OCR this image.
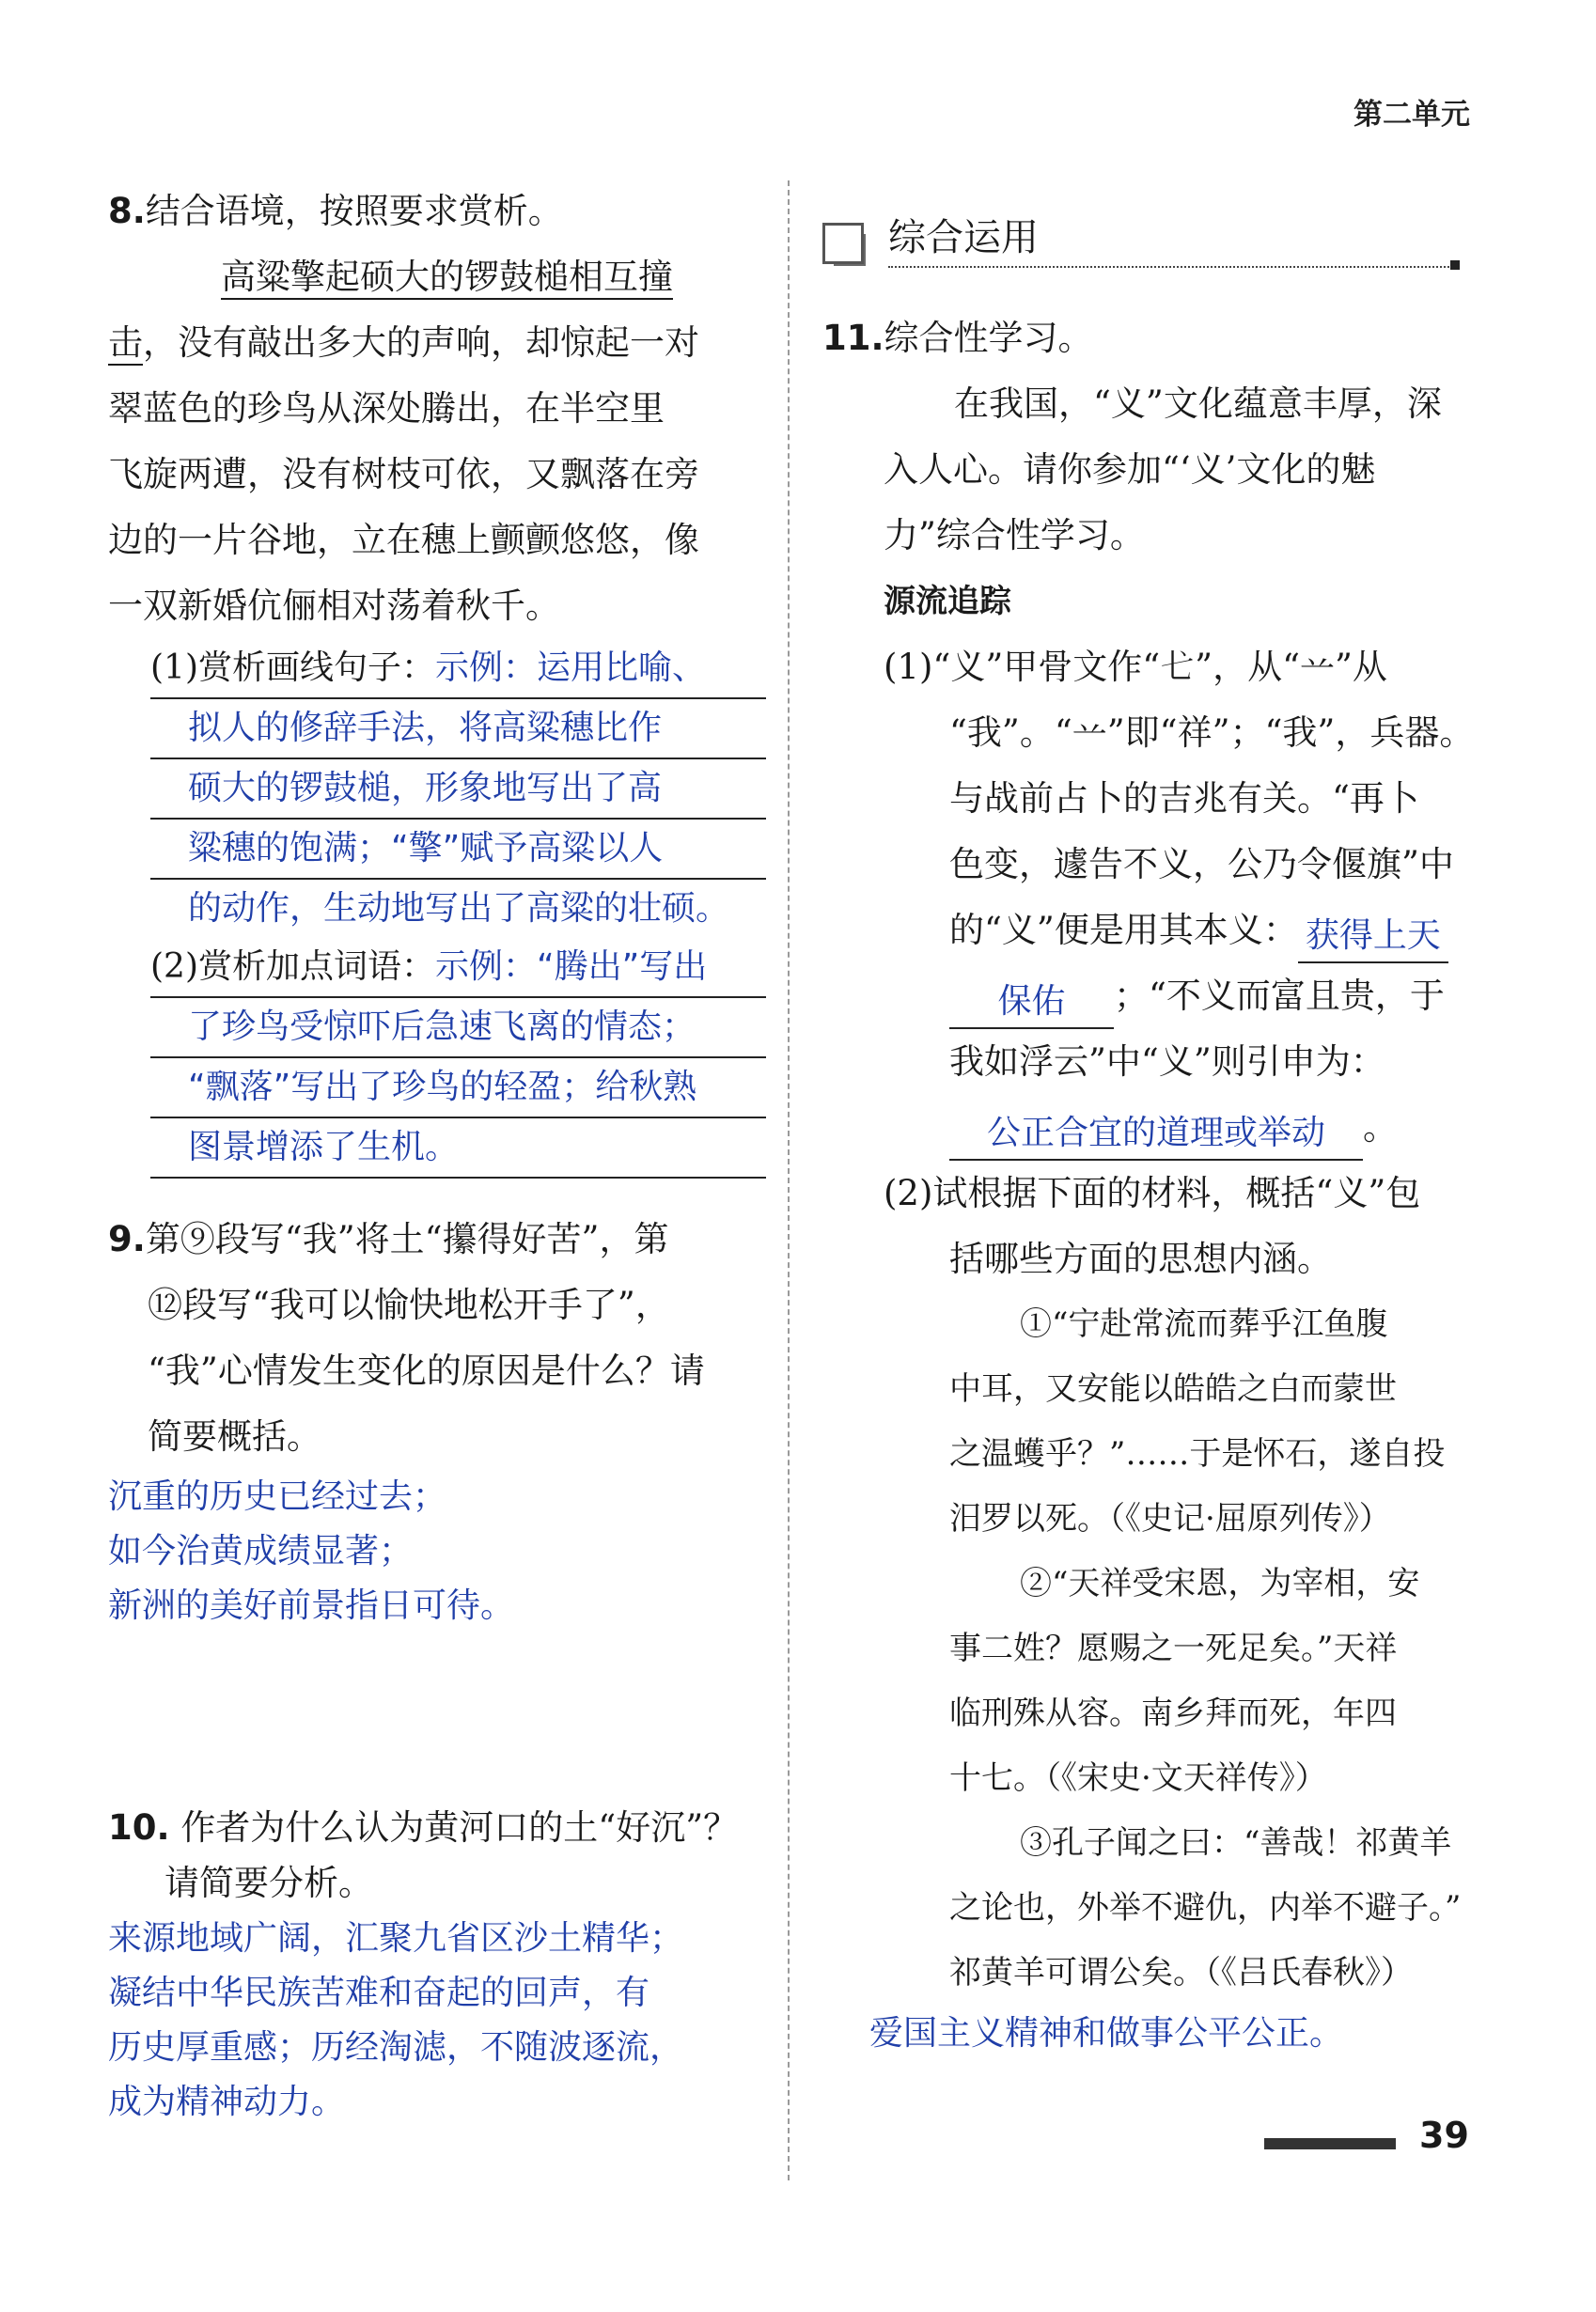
第二单元
8.结合语境，按照要求赏析。
高粱擎起硕大的锣鼓槌相互撞
击，没有敲出多大的声响，却惊起一对
翠蓝色的珍鸟从深处腾出，在半空里
飞旋两遭，没有树枝可依，又飘落在旁
边的一片谷地，立在穗上颤颤悠悠，像
一双新婚伉俪相对荡着秋千。
(1)赏析画线句子：示例：运用比喻、
拟人的修辞手法，将高粱穗比作
硕大的锣鼓槌，形象地写出了高
粱穗的饱满；“擎”赋予高粱以人
的动作，生动地写出了高粱的壮硕。
(2)赏析加点词语：示例：“腾出”写出
了珍鸟受惊吓后急速飞离的情态；
“飘落”写出了珍鸟的轻盈；给秋熟
图景增添了生机。
9.第⑨段写“我”将土“攥得好苦”，第
⑫段写“我可以愉快地松开手了”，
“我”心情发生变化的原因是什么？请
简要概括。
沉重的历史已经过去；
如今治黄成绩显著；
新洲的美好前景指日可待。
10. 作者为什么认为黄河口的土“好沉”？
请简要分析。
来源地域广阔，汇聚九省区沙土精华；
凝结中华民族苦难和奋起的回声，有
历史厚重感；历经淘滤，不随波逐流，
成为精神动力。
综合运用
11.综合性学习。
在我国，“义”文化蕴意丰厚，深
入人心。请你参加“‘义’文化的魅
力”综合性学习。
源流追踪
(1)“义”甲骨文作“𢍺”，从“䒑”从
“我”。“䒑”即“祥”；“我”，兵器。
与战前占卜的吉兆有关。“再卜
色变，遽告不义，公乃令偃旗”中
的“义”便是用其本义： 获得上天
保佑 ；“不义而富且贵，于
我如浮云”中“义”则引申为：
公正合宜的道理或举动 。
(2)试根据下面的材料，概括“义”包
括哪些方面的思想内涵。
①“宁赴常流而葬乎江鱼腹
中耳，又安能以皓皓之白而蒙世
之温蠖乎？”……于是怀石，遂自投
汨罗以死。（《史记·屈原列传》）
②“天祥受宋恩，为宰相，安
事二姓？愿赐之一死足矣。”天祥
临刑殊从容。南乡拜而死，年四
十七。（《宋史·文天祥传》）
③孔子闻之曰：“善哉！祁黄羊
之论也，外举不避仇，内举不避子。”
祁黄羊可谓公矣。（《吕氏春秋》）
爱国主义精神和做事公平公正。
39
